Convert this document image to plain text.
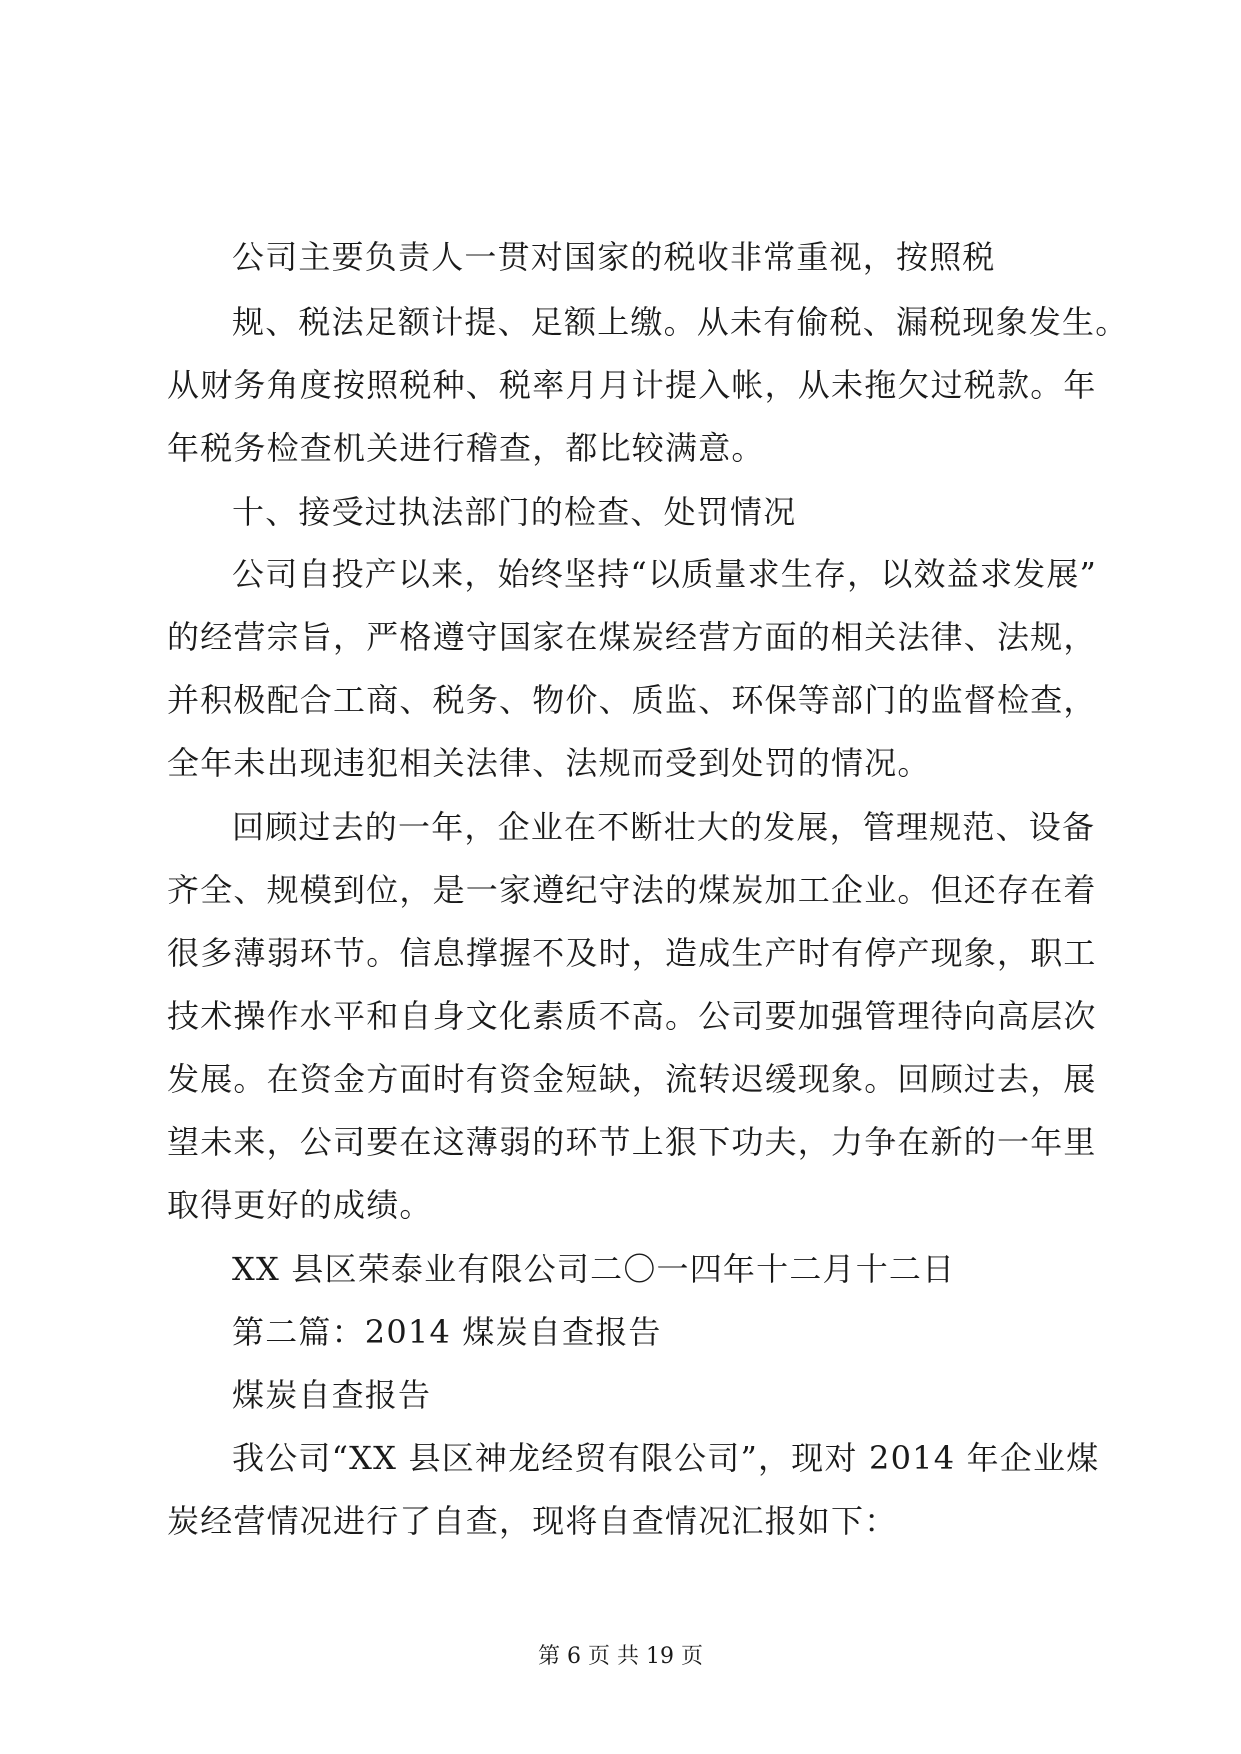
公司主要负责人一贯对国家的税收非常重视，按照税
规、税法足额计提、足额上缴。从未有偷税、漏税现象发生。
从财务角度按照税种、税率月月计提入帐，从未拖欠过税款。年
年税务检查机关进行稽查，都比较满意。
十、接受过执法部门的检查、处罚情况
公司自投产以来，始终坚持“以质量求生存，以效益求发展”
的经营宗旨，严格遵守国家在煤炭经营方面的相关法律、法规，
并积极配合工商、税务、物价、质监、环保等部门的监督检查，
全年未出现违犯相关法律、法规而受到处罚的情况。
回顾过去的一年，企业在不断壮大的发展，管理规范、设备
齐全、规模到位，是一家遵纪守法的煤炭加工企业。但还存在着
很多薄弱环节。信息撑握不及时，造成生产时有停产现象，职工
技术操作水平和自身文化素质不高。公司要加强管理待向高层次
发展。在资金方面时有资金短缺，流转迟缓现象。回顾过去，展
望未来，公司要在这薄弱的环节上狠下功夫，力争在新的一年里
取得更好的成绩。
XX 县区荣泰业有限公司二〇一四年十二月十二日
第二篇：2014 煤炭自查报告
煤炭自查报告
我公司“XX 县区神龙经贸有限公司”，现对 2014 年企业煤
炭经营情况进行了自查，现将自查情况汇报如下：
第 6 页 共 19 页
